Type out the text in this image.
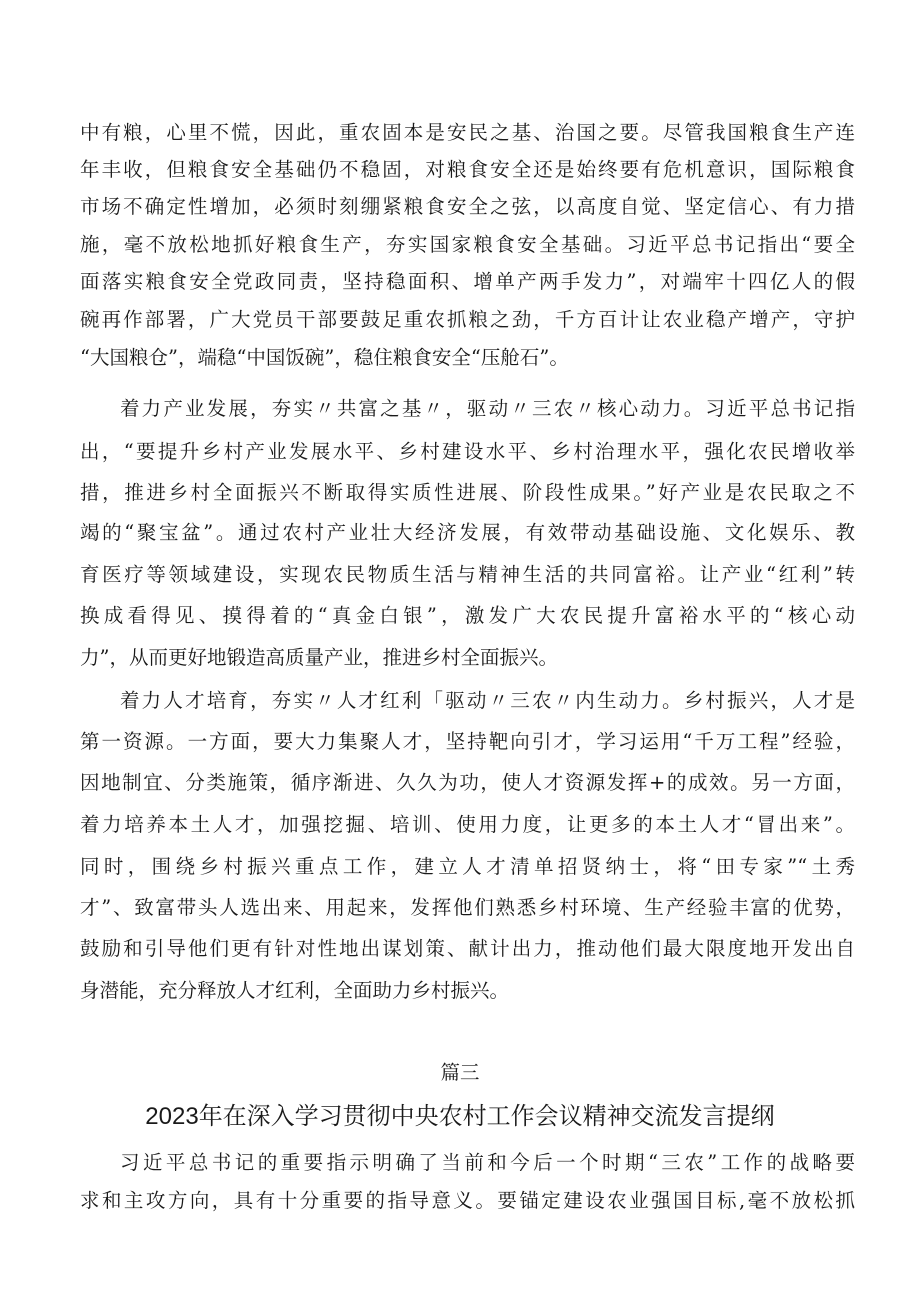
中有粮，心里不慌，因此，重农固本是安民之基、治国之要。尽管我国粮食生产连
年丰收，但粮食安全基础仍不稳固，对粮食安全还是始终要有危机意识，国际粮食
市场不确定性增加，必须时刻绷紧粮食安全之弦，以高度自觉、坚定信心、有力措
施，毫不放松地抓好粮食生产，夯实国家粮食安全基础。习近平总书记指出“要全
面落实粮食安全党政同责，坚持稳面积、增单产两手发力”，对端牢十四亿人的假
碗再作部署，广大党员干部要鼓足重农抓粮之劲，千方百计让农业稳产增产，守护
“大国粮仓”，端稳“中国饭碗”，稳住粮食安全“压舱石”。
着力产业发展，夯实〃共富之基〃，驱动〃三农〃核心动力。习近平总书记指
出，“要提升乡村产业发展水平、乡村建设水平、乡村治理水平，强化农民增收举
措，推进乡村全面振兴不断取得实质性进展、阶段性成果。”好产业是农民取之不
竭的“聚宝盆”。通过农村产业壮大经济发展，有效带动基础设施、文化娱乐、教
育医疗等领域建设，实现农民物质生活与精神生活的共同富裕。让产业“红利”转
换成看得见、摸得着的“真金白银”，激发广大农民提升富裕水平的“核心动
力”，从而更好地锻造高质量产业，推进乡村全面振兴。
着力人才培育，夯实〃人才红利「驱动〃三农〃内生动力。乡村振兴，人才是
第一资源。一方面，要大力集聚人才，坚持靶向引才，学习运用“千万工程”经验，
因地制宜、分类施策，循序渐进、久久为功，使人才资源发挥+的成效。另一方面，
着力培养本土人才，加强挖掘、培训、使用力度，让更多的本土人才“冒出来”。
同时，围绕乡村振兴重点工作，建立人才清单招贤纳士，将“田专家”“土秀
才”、致富带头人选出来、用起来，发挥他们熟悉乡村环境、生产经验丰富的优势，
鼓励和引导他们更有针对性地出谋划策、献计出力，推动他们最大限度地开发出自
身潜能，充分释放人才红利，全面助力乡村振兴。
篇三
2023年在深入学习贯彻中央农村工作会议精神交流发言提纲
习近平总书记的重要指示明确了当前和今后一个时期“三农”工作的战略要
求和主攻方向，具有十分重要的指导意义。要锚定建设农业强国目标,毫不放松抓
